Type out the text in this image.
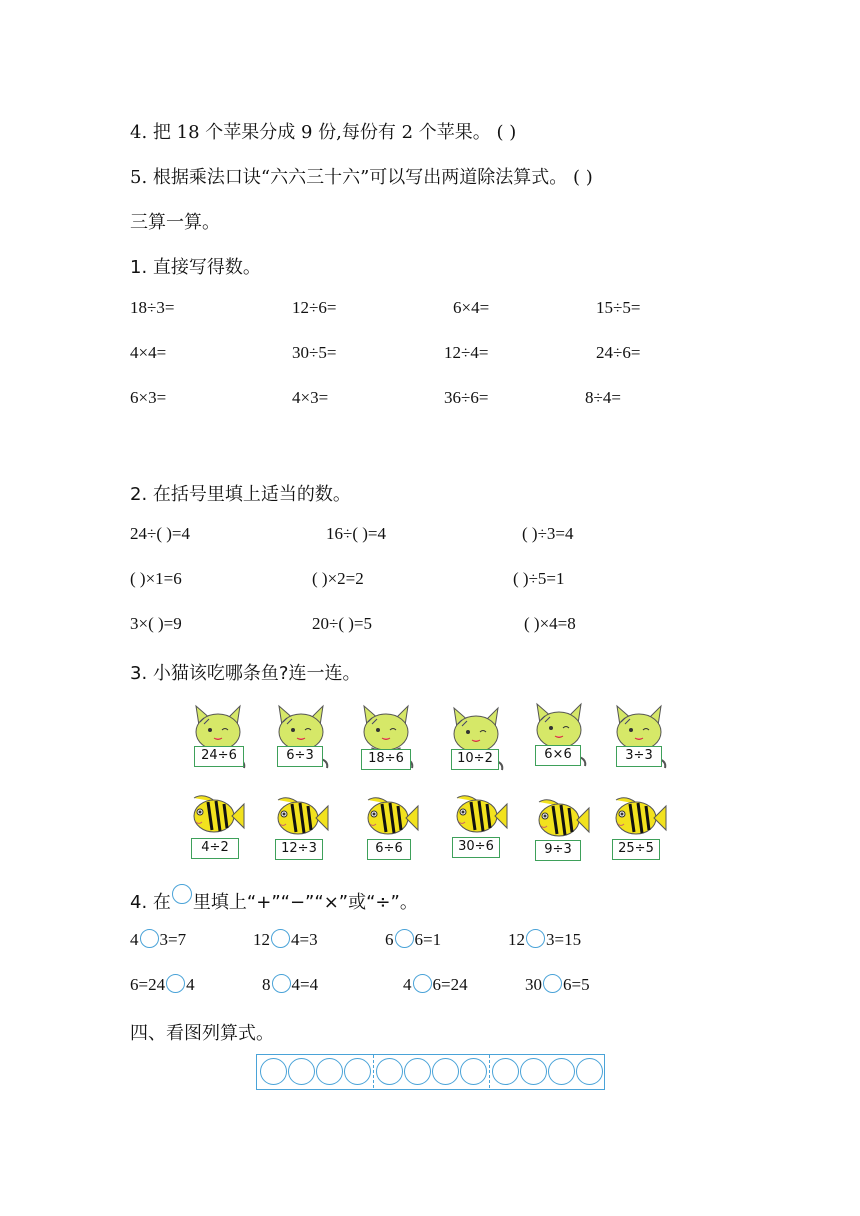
4. 把 18 个苹果分成 9 份,每份有 2 个苹果。 ( )
5. 根据乘法口诀“六六三十六”可以写出两道除法算式。 ( )
三算一算。
1. 直接写得数。
18÷3=	12÷6=	6×4=	15÷5=
4×4=	30÷5=	12÷4=	24÷6=
6×3=	4×3=	36÷6=	8÷4=
2. 在括号里填上适当的数。
24÷( )=4	16÷( )=4	( )÷3=4
( )×1=6	( )×2=2	( )÷5=1
3×( )=9	20÷( )=5	( )×4=8
3. 小猫该吃哪条鱼?连一连。
24÷6	6÷3	18÷6	10÷2	6×6	3÷3
4÷2	12÷3	6÷6	30÷6	9÷3	25÷5
4. 在 里填上“+”“−”“×”或“÷”。
4 3=7	12 4=3	6 6=1	12 3=15
6=24 4	8 4=4	4 6=24	30 6=5
四、看图列算式。
